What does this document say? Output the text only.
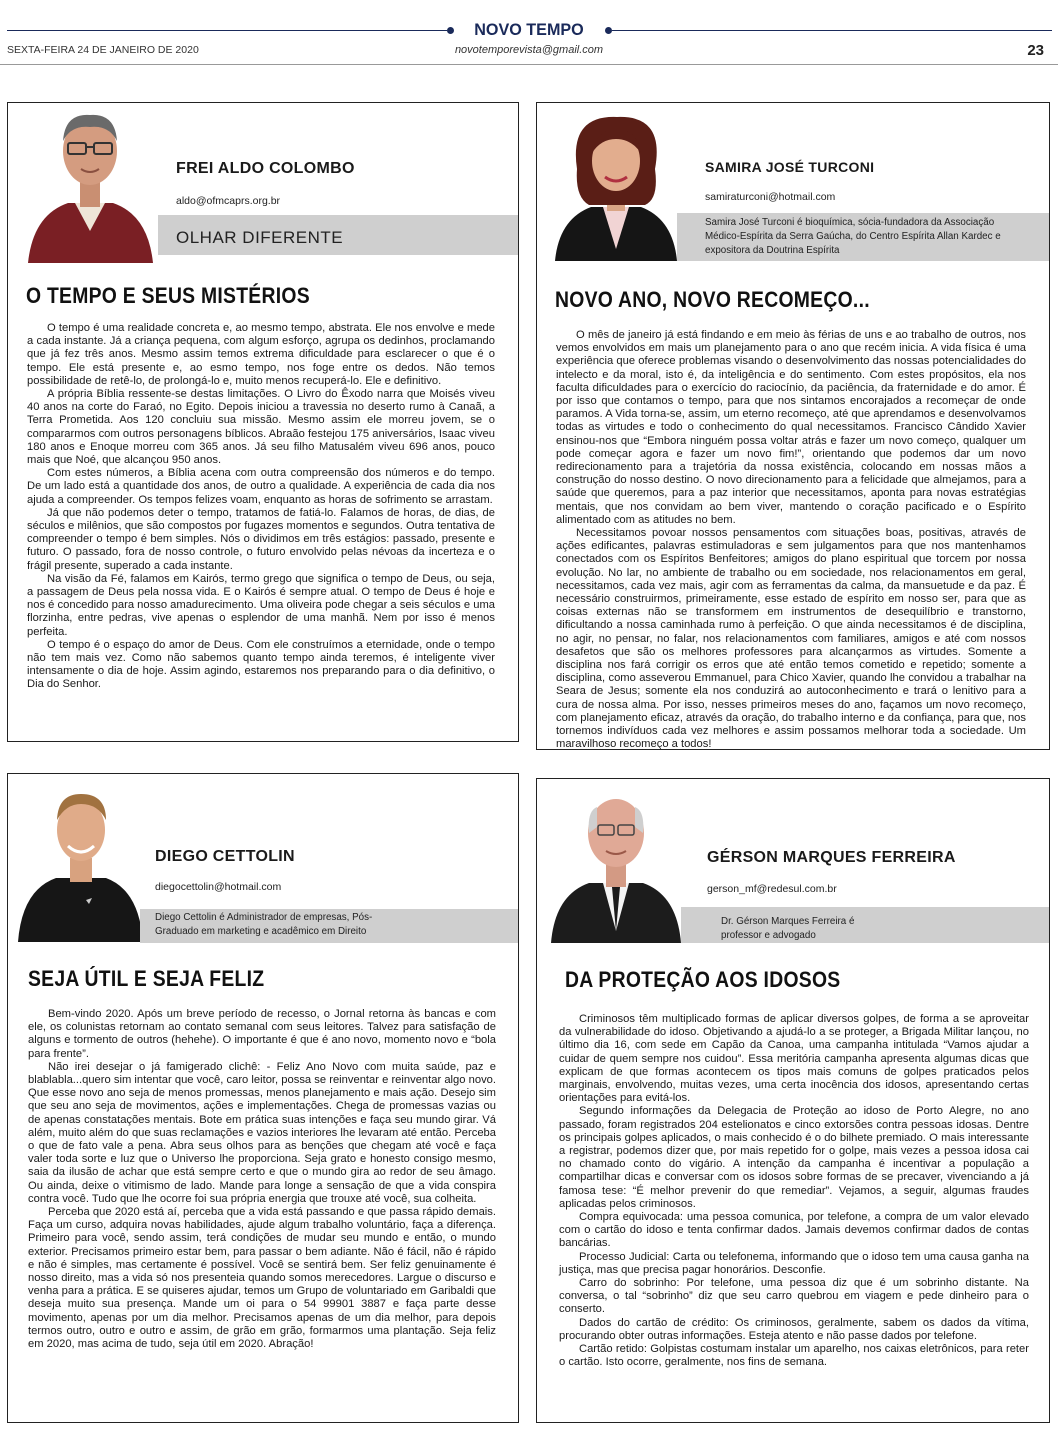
NOVO TEMPO
SEXTA-FEIRA 24 DE JANEIRO DE 2020	novotemporevista@gmail.com	23
FREI ALDO COLOMBO
aldo@ofmcaprs.org.br
OLHAR DIFERENTE
O TEMPO E SEUS MISTÉRIOS

O tempo é uma realidade concreta e, ao mesmo tempo, abstrata. Ele nos envolve e mede a cada instante. Já a criança pequena, com algum esforço, agrupa os dedinhos, proclamando que já fez três anos. Mesmo assim temos extrema dificuldade para esclarecer o que é o tempo. Ele está presente e, ao esmo tempo, nos foge entre os dedos. Não temos possibilidade de retê-lo, de prolongá-lo e, muito menos recuperá-lo. Ele e definitivo.

A própria Bíblia ressente-se destas limitações. O Livro do Êxodo narra que Moisés viveu 40 anos na corte do Faraó, no Egito. Depois iniciou a travessia no deserto rumo à Canaã, a Terra Prometida. Aos 120 concluiu sua missão. Mesmo assim ele morreu jovem, se o compararmos com outros personagens bíblicos. Abraão festejou 175 aniversários, Isaac viveu 180 anos e Enoque morreu com 365 anos. Já seu filho Matusalém viveu 696 anos, pouco mais que Noé, que alcançou 950 anos.

Com estes números, a Bíblia acena com outra compreensão dos números e do tempo. De um lado está a quantidade dos anos, de outro a qualidade. A experiência de cada dia nos ajuda a compreender. Os tempos felizes voam, enquanto as horas de sofrimento se arrastam.

Já que não podemos deter o tempo, tratamos de fatiá-lo. Falamos de horas, de dias, de séculos e milênios, que são compostos por fugazes momentos e segundos. Outra tentativa de compreender o tempo é bem simples. Nós o dividimos em três estágios: passado, presente e futuro. O passado, fora de nosso controle, o futuro envolvido pelas névoas da incerteza e o frágil presente, superado a cada instante.

Na visão da Fé, falamos em Kairós, termo grego que significa o tempo de Deus, ou seja, a passagem de Deus pela nossa vida. E o Kairós é sempre atual. O tempo de Deus é hoje e nos é concedido para nosso amadurecimento. Uma oliveira pode chegar a seis séculos e uma florzinha, entre pedras, vive apenas o esplendor de uma manhã. Nem por isso é menos perfeita.

O tempo é o espaço do amor de Deus. Com ele construímos a eternidade, onde o tempo não tem mais vez. Como não sabemos quanto tempo ainda teremos, é inteligente viver intensamente o dia de hoje. Assim agindo, estaremos nos preparando para o dia definitivo, o Dia do Senhor.

SAMIRA JOSÉ TURCONI
samiraturconi@hotmail.com
Samira José Turconi é bioquímica, sócia-fundadora da Associação Médico-Espírita da Serra Gaúcha, do Centro Espírita Allan Kardec e expositora da Doutrina Espírita
NOVO ANO, NOVO RECOMEÇO...

O mês de janeiro já está findando e em meio às férias de uns e ao trabalho de outros, nos vemos envolvidos em mais um planejamento para o ano que recém inicia. A vida física é uma experiência que oferece problemas visando o desenvolvimento das nossas potencialidades do intelecto e da moral, isto é, da inteligência e do sentimento. Com estes propósitos, ela nos faculta dificuldades para o exercício do raciocínio, da paciência, da fraternidade e do amor. É por isso que contamos o tempo, para que nos sintamos encorajados a recomeçar de onde paramos. A Vida torna-se, assim, um eterno recomeço, até que aprendamos e desenvolvamos todas as virtudes e todo o conhecimento do qual necessitamos. Francisco Cândido Xavier ensinou-nos que “Embora ninguém possa voltar atrás e fazer um novo começo, qualquer um pode começar agora e fazer um novo fim!”, orientando que podemos dar um novo redirecionamento para a trajetória da nossa existência, colocando em nossas mãos a construção do nosso destino. O novo direcionamento para a felicidade que almejamos, para a saúde que queremos, para a paz interior que necessitamos, aponta para novas estratégias mentais, que nos convidam ao bem viver, mantendo o coração pacificado e o Espírito alimentado com as atitudes no bem.

Necessitamos povoar nossos pensamentos com situações boas, positivas, através de ações edificantes, palavras estimuladoras e sem julgamentos para que nos mantenhamos conectados com os Espíritos Benfeitores; amigos do plano espiritual que torcem por nossa evolução. No lar, no ambiente de trabalho ou em sociedade, nos relacionamentos em geral, necessitamos, cada vez mais, agir com as ferramentas da calma, da mansuetude e da paz. É necessário construirmos, primeiramente, esse estado de espírito em nosso ser, para que as coisas externas não se transformem em instrumentos de desequilíbrio e transtorno, dificultando a nossa caminhada rumo à perfeição. O que ainda necessitamos é de disciplina, no agir, no pensar, no falar, nos relacionamentos com familiares, amigos e até com nossos desafetos que são os melhores professores para alcançarmos as virtudes. Somente a disciplina nos fará corrigir os erros que até então temos cometido e repetido; somente a disciplina, como asseverou Emmanuel, para Chico Xavier, quando lhe convidou a trabalhar na Seara de Jesus; somente ela nos conduzirá ao autoconhecimento e trará o lenitivo para a cura de nossa alma. Por isso, nesses primeiros meses do ano, façamos um novo recomeço, com planejamento eficaz, através da oração, do trabalho interno e da confiança, para que, nos tornemos indivíduos cada vez melhores e assim possamos melhorar toda a sociedade. Um maravilhoso recomeço a todos!

DIEGO CETTOLIN
diegocettolin@hotmail.com
Diego Cettolin é Administrador de empresas, Pós-Graduado em marketing e acadêmico em Direito
SEJA ÚTIL E SEJA FELIZ

Bem-vindo 2020. Após um breve período de recesso, o Jornal retorna às bancas e com ele, os colunistas retornam ao contato semanal com seus leitores. Talvez para satisfação de alguns e tormento de outros (hehehe). O importante é que é ano novo, momento novo e “bola para frente”.

Não irei desejar o já famigerado clichê: - Feliz Ano Novo com muita saúde, paz e blablabla...quero sim intentar que você, caro leitor, possa se reinventar e reinventar algo novo. Que esse novo ano seja de menos promessas, menos planejamento e mais ação. Desejo sim que seu ano seja de movimentos, ações e implementações. Chega de promessas vazias ou de apenas constatações mentais. Bote em prática suas intenções e faça seu mundo girar. Vá além, muito além do que suas reclamações e vazios interiores lhe levaram até então. Perceba o que de fato vale a pena. Abra seus olhos para as benções que chegam até você e faça valer toda sorte e luz que o Universo lhe proporciona. Seja grato e honesto consigo mesmo, saia da ilusão de achar que está sempre certo e que o mundo gira ao redor de seu âmago. Ou ainda, deixe o vitimismo de lado. Mande para longe a sensação de que a vida conspira contra você. Tudo que lhe ocorre foi sua própria energia que trouxe até você, sua colheita.

Perceba que 2020 está aí, perceba que a vida está passando e que passa rápido demais. Faça um curso, adquira novas habilidades, ajude algum trabalho voluntário, faça a diferença. Primeiro para você, sendo assim, terá condições de mudar seu mundo e então, o mundo exterior. Precisamos primeiro estar bem, para passar o bem adiante. Não é fácil, não é rápido e não é simples, mas certamente é possível. Você se sentirá bem. Ser feliz genuinamente é nosso direito, mas a vida só nos presenteia quando somos merecedores. Largue o discurso e venha para a prática. E se quiseres ajudar, temos um Grupo de voluntariado em Garibaldi que deseja muito sua presença. Mande um oi para o 54 99901 3887 e faça parte desse movimento, apenas por um dia melhor. Precisamos apenas de um dia melhor, para depois termos outro, outro e outro e assim, de grão em grão, formarmos uma plantação. Seja feliz em 2020, mas acima de tudo, seja útil em 2020. Abração!

GÉRSON MARQUES FERREIRA
gerson_mf@redesul.com.br
Dr. Gérson Marques Ferreira é
professor e advogado
DA PROTEÇÃO AOS IDOSOS

Criminosos têm multiplicado formas de aplicar diversos golpes, de forma a se aproveitar da vulnerabilidade do idoso. Objetivando a ajudá-lo a se proteger, a Brigada Militar lançou, no último dia 16, com sede em Capão da Canoa, uma campanha intitulada “Vamos ajudar a cuidar de quem sempre nos cuidou”. Essa meritória campanha apresenta algumas dicas que explicam de que formas acontecem os tipos mais comuns de golpes praticados pelos marginais, envolvendo, muitas vezes, uma certa inocência dos idosos, apresentando certas orientações para evitá-los.

Segundo informações da Delegacia de Proteção ao idoso de Porto Alegre, no ano passado, foram registrados 204 estelionatos e cinco extorsões contra pessoas idosas. Dentre os principais golpes aplicados, o mais conhecido é o do bilhete premiado. O mais interessante a registrar, podemos dizer que, por mais repetido for o golpe, mais vezes a pessoa idosa cai no chamado conto do vigário. A intenção da campanha é incentivar a população a compartilhar dicas e conversar com os idosos sobre formas de se precaver, vivenciando a já famosa tese: “É melhor prevenir do que remediar”. Vejamos, a seguir, algumas fraudes aplicadas pelos criminosos.

Compra equivocada: uma pessoa comunica, por telefone, a compra de um valor elevado com o cartão do idoso e tenta confirmar dados. Jamais devemos confirmar dados de contas bancárias.

Processo Judicial: Carta ou telefonema, informando que o idoso tem uma causa ganha na justiça, mas que precisa pagar honorários. Desconfie.

Carro do sobrinho: Por telefone, uma pessoa diz que é um sobrinho distante. Na conversa, o tal “sobrinho” diz que seu carro quebrou em viagem e pede dinheiro para o conserto.

Dados do cartão de crédito: Os criminosos, geralmente, sabem os dados da vítima, procurando obter outras informações. Esteja atento e não passe dados por telefone.

Cartão retido: Golpistas costumam instalar um aparelho, nos caixas eletrônicos, para reter o cartão. Isto ocorre, geralmente, nos fins de semana.
